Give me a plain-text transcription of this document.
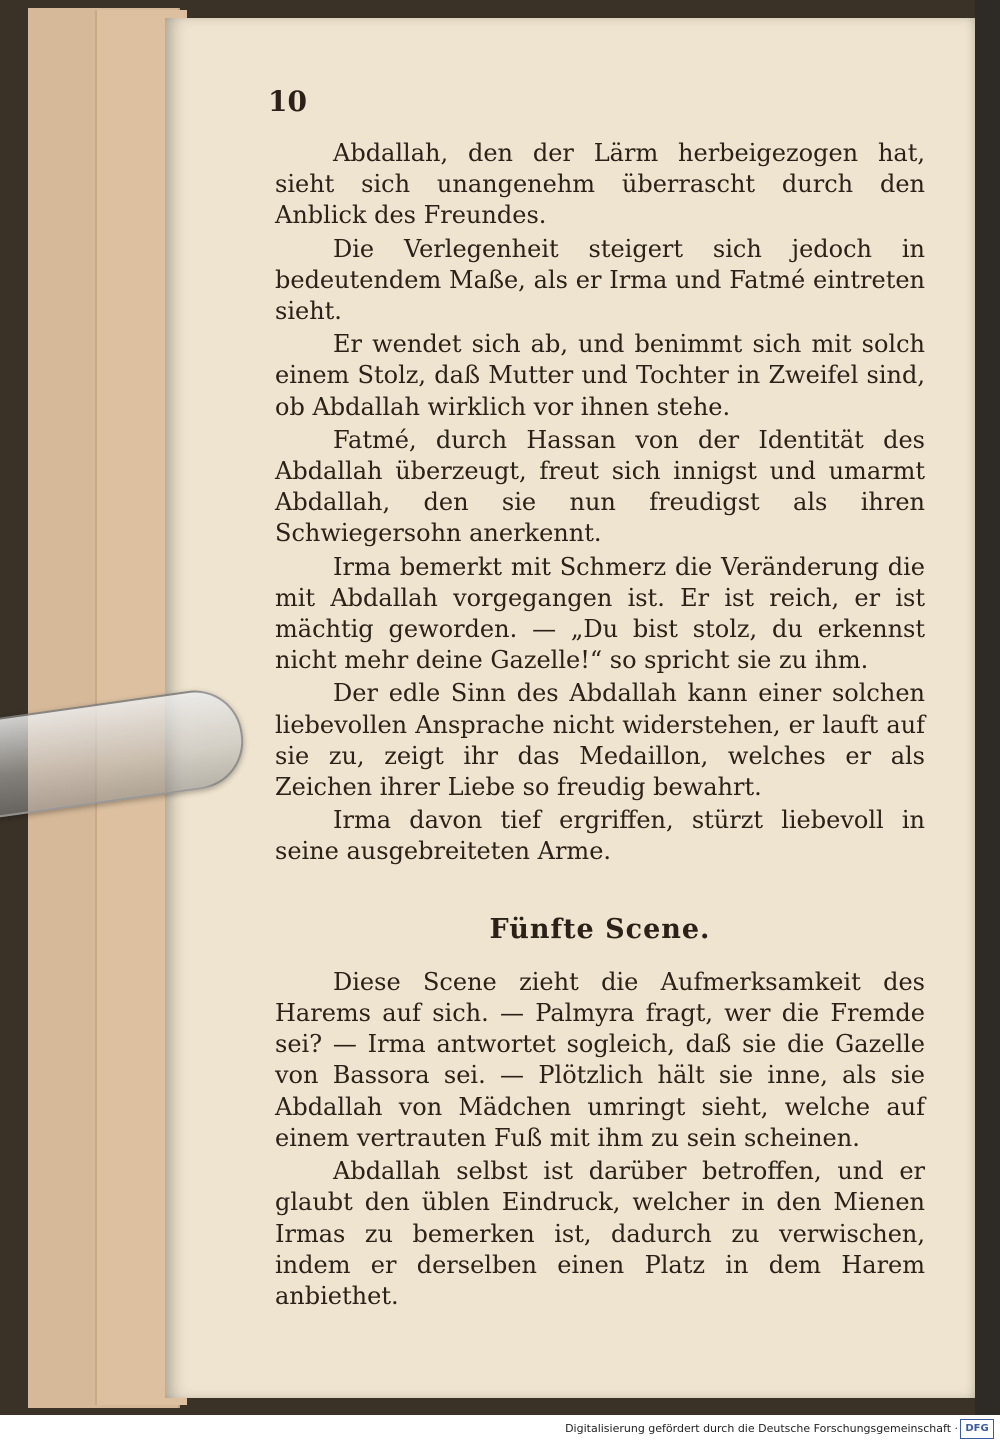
10

Abdallah, den der Lärm herbeigezogen hat, sieht sich unangenehm überrascht durch den Anblick des Freundes.

Die Verlegenheit steigert sich jedoch in bedeutendem Maße, als er Irma und Fatmé eintreten sieht.

Er wendet sich ab, und benimmt sich mit solch einem Stolz, daß Mutter und Tochter in Zweifel sind, ob Abdallah wirklich vor ihnen stehe.

Fatmé, durch Hassan von der Identität des Abdallah überzeugt, freut sich innigst und umarmt Abdallah, den sie nun freudigst als ihren Schwiegersohn anerkennt.

Irma bemerkt mit Schmerz die Veränderung die mit Abdallah vorgegangen ist. Er ist reich, er ist mächtig geworden. — „Du bist stolz, du erkennst nicht mehr deine Gazelle!“ so spricht sie zu ihm.

Der edle Sinn des Abdallah kann einer solchen liebevollen Ansprache nicht widerstehen, er lauft auf sie zu, zeigt ihr das Medaillon, welches er als Zeichen ihrer Liebe so freudig bewahrt.

Irma davon tief ergriffen, stürzt liebevoll in seine ausgebreiteten Arme.

Fünfte Scene.

Diese Scene zieht die Aufmerksamkeit des Harems auf sich. — Palmyra fragt, wer die Fremde sei? — Irma antwortet sogleich, daß sie die Gazelle von Bassora sei. — Plötzlich hält sie inne, als sie Abdallah von Mädchen umringt sieht, welche auf einem vertrauten Fuß mit ihm zu sein scheinen.

Abdallah selbst ist darüber betroffen, und er glaubt den üblen Eindruck, welcher in den Mienen Irmas zu bemerken ist, dadurch zu verwischen, indem er derselben einen Platz in dem Harem anbiethet.

Digitalisierung gefördert durch die Deutsche Forschungsgemeinschaft · DFG
